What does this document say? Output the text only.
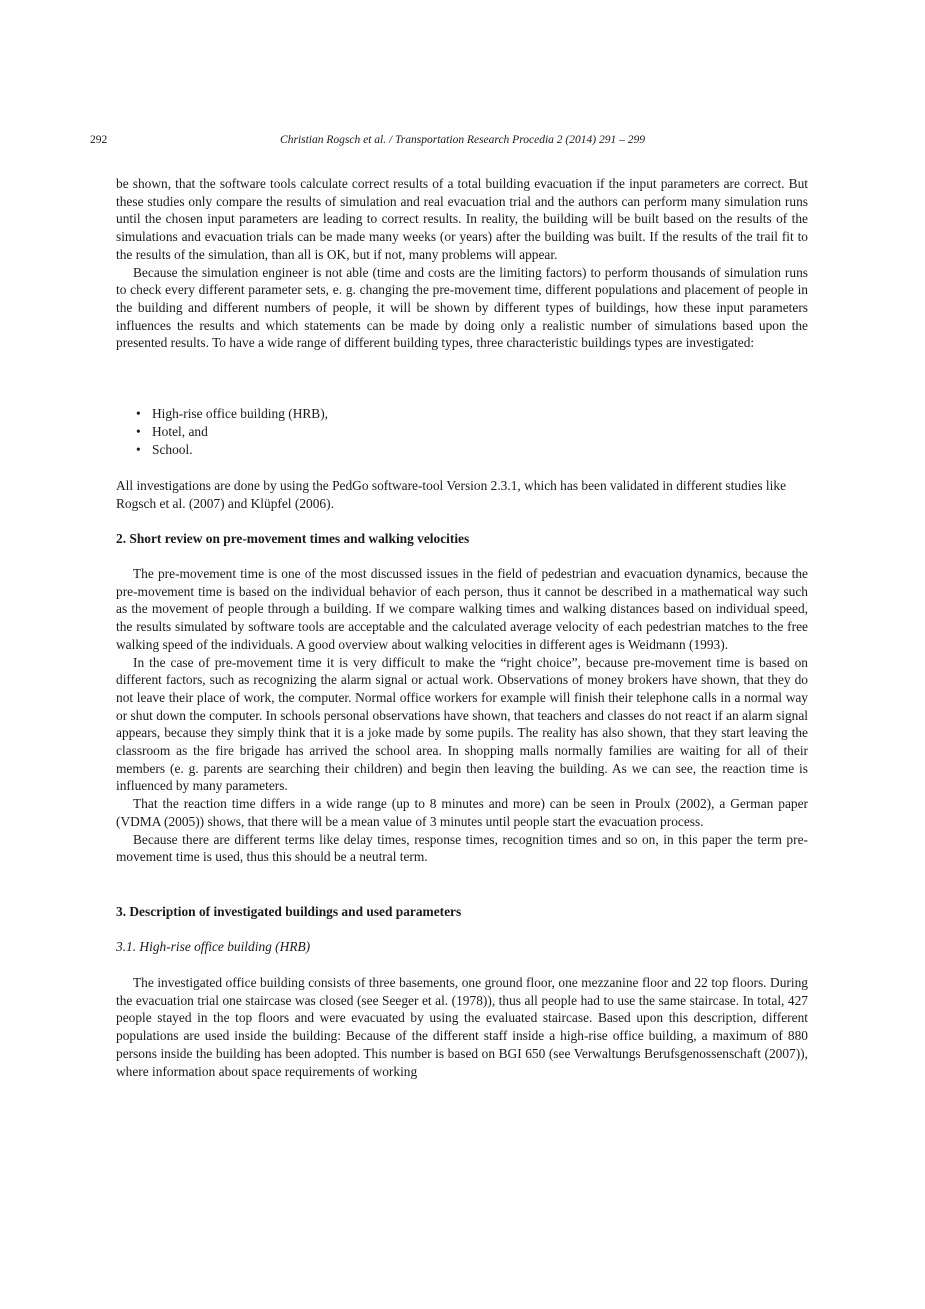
292	Christian Rogsch et al. / Transportation Research Procedia 2 (2014) 291 – 299

be shown, that the software tools calculate correct results of a total building evacuation if the input parameters are correct. But these studies only compare the results of simulation and real evacuation trial and the authors can perform many simulation runs until the chosen input parameters are leading to correct results. In reality, the building will be built based on the results of the simulations and evacuation trials can be made many weeks (or years) after the building was built. If the results of the trail fit to the results of the simulation, than all is OK, but if not, many problems will appear.

Because the simulation engineer is not able (time and costs are the limiting factors) to perform thousands of simulation runs to check every different parameter sets, e. g. changing the pre-movement time, different populations and placement of people in the building and different numbers of people, it will be shown by different types of buildings, how these input parameters influences the results and which statements can be made by doing only a realistic number of simulations based upon the presented results. To have a wide range of different building types, three characteristic buildings types are investigated:

• High-rise office building (HRB),
• Hotel, and
• School.

All investigations are done by using the PedGo software-tool Version 2.3.1, which has been validated in different studies like Rogsch et al. (2007) and Klüpfel (2006).

2. Short review on pre-movement times and walking velocities

The pre-movement time is one of the most discussed issues in the field of pedestrian and evacuation dynamics, because the pre-movement time is based on the individual behavior of each person, thus it cannot be described in a mathematical way such as the movement of people through a building. If we compare walking times and walking distances based on individual speed, the results simulated by software tools are acceptable and the calculated average velocity of each pedestrian matches to the free walking speed of the individuals. A good overview about walking velocities in different ages is Weidmann (1993).

In the case of pre-movement time it is very difficult to make the “right choice”, because pre-movement time is based on different factors, such as recognizing the alarm signal or actual work. Observations of money brokers have shown, that they do not leave their place of work, the computer. Normal office workers for example will finish their telephone calls in a normal way or shut down the computer. In schools personal observations have shown, that teachers and classes do not react if an alarm signal appears, because they simply think that it is a joke made by some pupils. The reality has also shown, that they start leaving the classroom as the fire brigade has arrived the school area. In shopping malls normally families are waiting for all of their members (e. g. parents are searching their children) and begin then leaving the building. As we can see, the reaction time is influenced by many parameters.

That the reaction time differs in a wide range (up to 8 minutes and more) can be seen in Proulx (2002), a German paper (VDMA (2005)) shows, that there will be a mean value of 3 minutes until people start the evacuation process.

Because there are different terms like delay times, response times, recognition times and so on, in this paper the term pre-movement time is used, thus this should be a neutral term.

3. Description of investigated buildings and used parameters
3.1. High-rise office building (HRB)

The investigated office building consists of three basements, one ground floor, one mezzanine floor and 22 top floors. During the evacuation trial one staircase was closed (see Seeger et al. (1978)), thus all people had to use the same staircase. In total, 427 people stayed in the top floors and were evacuated by using the evaluated staircase. Based upon this description, different populations are used inside the building: Because of the different staff inside a high-rise office building, a maximum of 880 persons inside the building has been adopted. This number is based on BGI 650 (see Verwaltungs Berufsgenossenschaft (2007)), where information about space requirements of working
